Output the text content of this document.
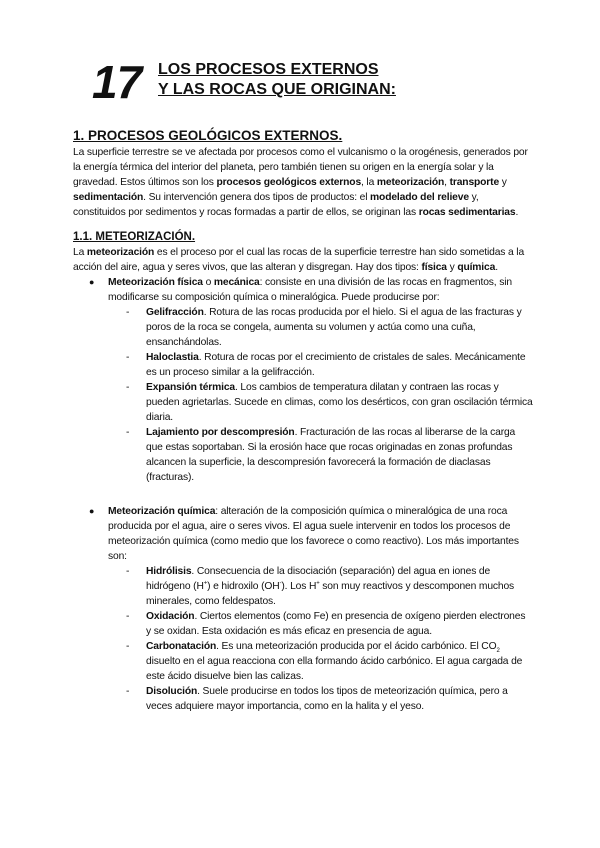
17 LOS PROCESOS EXTERNOS
Y LAS ROCAS QUE ORIGINAN:
1. PROCESOS GEOLÓGICOS EXTERNOS.

La superficie terrestre se ve afectada por procesos como el vulcanismo o la orogénesis, generados por la energía térmica del interior del planeta, pero también tienen su origen en la energía solar y la gravedad. Estos últimos son los procesos geológicos externos, la meteorización, transporte y sedimentación. Su intervención genera dos tipos de productos: el modelado del relieve y, constituidos por sedimentos y rocas formadas a partir de ellos, se originan las rocas sedimentarias.

1.1. METEORIZACIÓN.

La meteorización es el proceso por el cual las rocas de la superficie terrestre han sido sometidas a la acción del aire, agua y seres vivos, que las alteran y disgregan. Hay dos tipos: física y química.

● Meteorización física o mecánica: consiste en una división de las rocas en fragmentos, sin modificarse su composición química o mineralógica. Puede producirse por:
- Gelifracción. Rotura de las rocas producida por el hielo. Si el agua de las fracturas y poros de la roca se congela, aumenta su volumen y actúa como una cuña, ensanchándolas.
- Haloclastia. Rotura de rocas por el crecimiento de cristales de sales. Mecánicamente es un proceso similar a la gelifracción.
- Expansión térmica. Los cambios de temperatura dilatan y contraen las rocas y pueden agrietarlas. Sucede en climas, como los desérticos, con gran oscilación térmica diaria.
- Lajamiento por descompresión. Fracturación de las rocas al liberarse de la carga que estas soportaban. Si la erosión hace que rocas originadas en zonas profundas alcancen la superficie, la descompresión favorecerá la formación de diaclasas (fracturas).
● Meteorización química: alteración de la composición química o mineralógica de una roca producida por el agua, aire o seres vivos. El agua suele intervenir en todos los procesos de meteorización química (como medio que los favorece o como reactivo). Los más importantes son:
- Hidrólisis. Consecuencia de la disociación (separación) del agua en iones de hidrógeno (H+) e hidroxilo (OH-). Los H+ son muy reactivos y descomponen muchos minerales, como feldespatos.
- Oxidación. Ciertos elementos (como Fe) en presencia de oxígeno pierden electrones y se oxidan. Esta oxidación es más eficaz en presencia de agua.
- Carbonatación. Es una meteorización producida por el ácido carbónico. El $CO_2$ disuelto en el agua reacciona con ella formando ácido carbónico. El agua cargada de este ácido disuelve bien las calizas.
- Disolución. Suele producirse en todos los tipos de meteorización química, pero a veces adquiere mayor importancia, como en la halita y el yeso.
